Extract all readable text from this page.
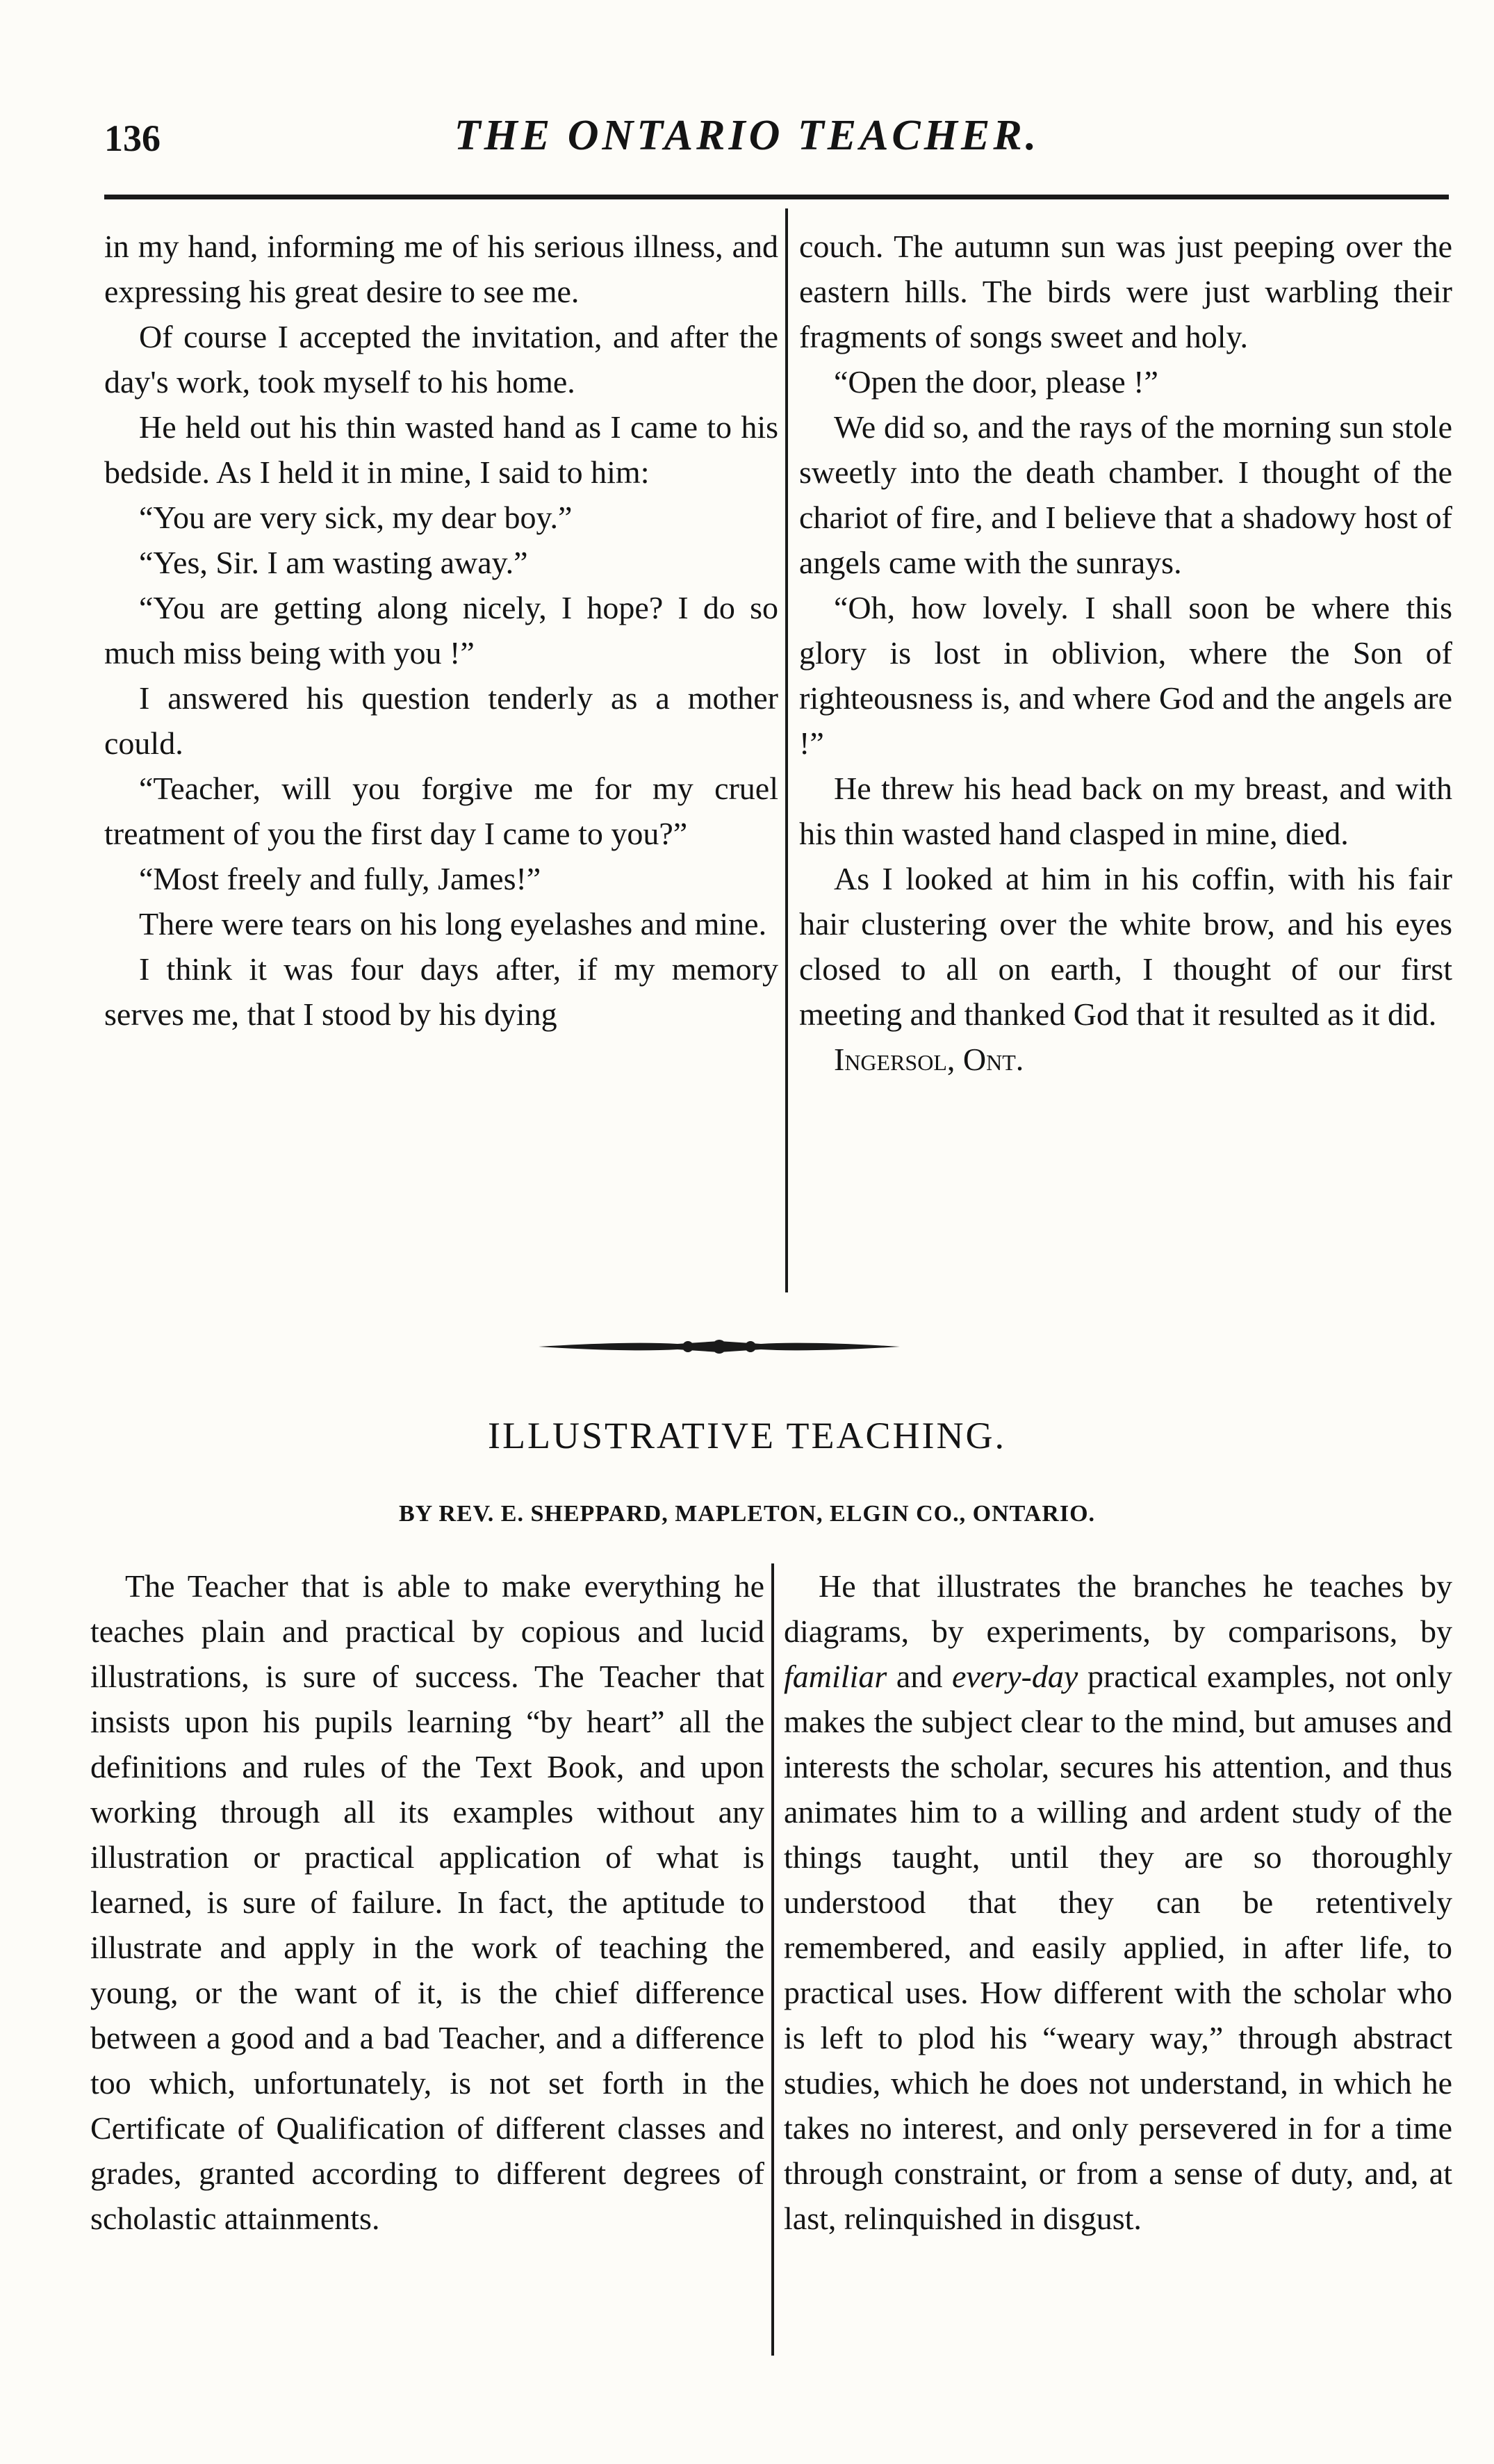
136	THE ONTARIO TEACHER.

in my hand, informing me of his serious illness, and expressing his great desire to see me.

Of course I accepted the invitation, and after the day's work, took myself to his home.

He held out his thin wasted hand as I came to his bedside. As I held it in mine, I said to him:

“You are very sick, my dear boy.”

“Yes, Sir. I am wasting away.”

“You are getting along nicely, I hope? I do so much miss being with you !”

I answered his question tenderly as a mother could.

“Teacher, will you forgive me for my cruel treatment of you the first day I came to you?”

“Most freely and fully, James!”

There were tears on his long eyelashes and mine.

I think it was four days after, if my memory serves me, that I stood by his dying

couch. The autumn sun was just peeping over the eastern hills. The birds were just warbling their fragments of songs sweet and holy.

“Open the door, please !”

We did so, and the rays of the morning sun stole sweetly into the death chamber. I thought of the chariot of fire, and I believe that a shadowy host of angels came with the sunrays.

“Oh, how lovely. I shall soon be where this glory is lost in oblivion, where the Son of righteousness is, and where God and the angels are !”

He threw his head back on my breast, and with his thin wasted hand clasped in mine, died.

As I looked at him in his coffin, with his fair hair clustering over the white brow, and his eyes closed to all on earth, I thought of our first meeting and thanked God that it resulted as it did.

Ingersol, Ont.

ILLUSTRATIVE TEACHING.
BY REV. E. SHEPPARD, MAPLETON, ELGIN CO., ONTARIO.

The Teacher that is able to make everything he teaches plain and practical by copious and lucid illustrations, is sure of success. The Teacher that insists upon his pupils learning “by heart” all the definitions and rules of the Text Book, and upon working through all its examples without any illustration or practical application of what is learned, is sure of failure. In fact, the aptitude to illustrate and apply in the work of teaching the young, or the want of it, is the chief difference between a good and a bad Teacher, and a difference too which, unfortunately, is not set forth in the Certificate of Qualification of different classes and grades, granted according to different degrees of scholastic attainments.

He that illustrates the branches he teaches by diagrams, by experiments, by comparisons, by familiar and every-day practical examples, not only makes the subject clear to the mind, but amuses and interests the scholar, secures his attention, and thus animates him to a willing and ardent study of the things taught, until they are so thoroughly understood that they can be retentively remembered, and easily applied, in after life, to practical uses. How different with the scholar who is left to plod his “weary way,” through abstract studies, which he does not understand, in which he takes no interest, and only persevered in for a time through constraint, or from a sense of duty, and, at last, relinquished in disgust.
